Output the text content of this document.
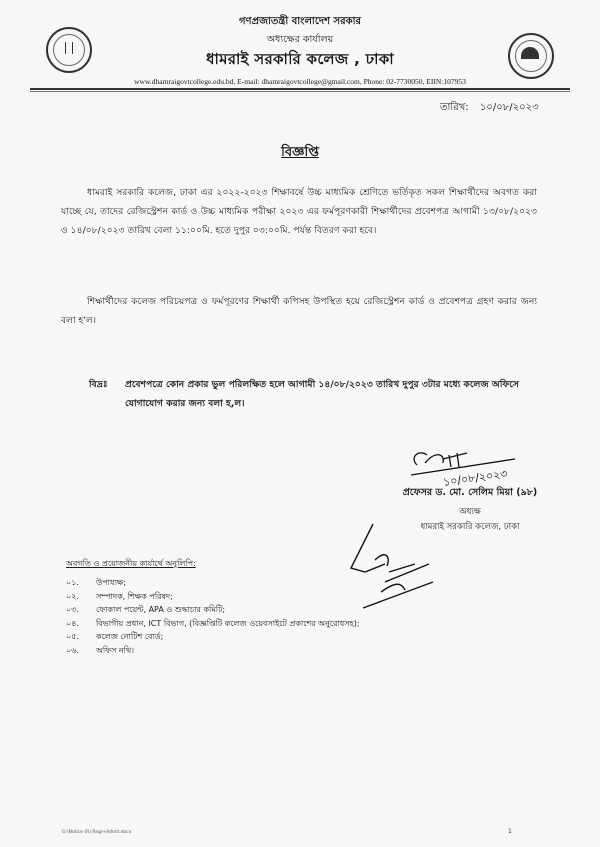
গণপ্রজাতন্ত্রী বাংলাদেশ সরকার
অধ্যক্ষের কার্যালয়
ধামরাই সরকারি কলেজ , ঢাকা
www.dhamraigovtcollege.edu.bd, E-mail: dhamraigovtcollege@gmail.com, Phone: 02-7730050, EIIN:107953
তারিখ: ১০/০৮/২০২৩
বিজ্ঞপ্তি
ধামরাই সরকারি কলেজ, ঢাকা এর ২০২২-২০২৩ শিক্ষাবর্ষে উচ্চ মাধ্যমিক শ্রেণিতে ভর্তিকৃত সকল শিক্ষার্থীদের অবগত করা যাচ্ছে যে, তাদের রেজিস্ট্রেশন কার্ড ও উচ্চ মাধ্যমিক পরীক্ষা ২০২৩ এর ফর্মপূরণকারী শিক্ষার্থীদের প্রবেশপত্র আগামী ১৩/০৮/২০২৩ ও ১৪/০৮/২০২৩ তারিখ বেলা ১১:০০মি. হতে দুপুর ০৩:০০মি. পর্যন্ত বিতরণ করা হবে।
শিক্ষার্থীদের কলেজ পরিচয়পত্র ও ফর্মপূরণের শিক্ষার্থী কপিসহ উপস্থিত হয়ে রেজিস্ট্রেশন কার্ড ও প্রবেশপত্র গ্রহণ করার জন্য বলা হ'ল।
বিদ্রঃ প্রবেশপত্রে কোন প্রকার ভুল পরিলক্ষিত হলে আগামী ১৪/০৮/২০২৩ তারিখ দুপুর ৩টার মধ্যে কলেজ অফিসে যোগাযোগ করার জন্য বলা হ,ল।
১০/০৮/২০২৩
প্রফেসর ড. মো. সেলিম মিয়া (৯৮)
অধ্যক্ষ
ধামরাই সরকারি কলেজ, ঢাকা
অবগতি ও প্রয়োজনীয় কার্যার্থে অনুলিপি:
০১. উপাধ্যক্ষ;
০২. সম্পাদক, শিক্ষক পরিষদ;
০৩. ফোকাল পয়েন্ট, APA ও শুদ্ধাচার কমিটি;
০৪. বিভাগীয় প্রধান, ICT বিভাগ, (বিজ্ঞপ্তিটি কলেজ ওয়েবসাইটে প্রকাশের অনুরোধসহ);
০৫. কলেজ নোটিশ বোর্ড;
০৬. অফিস নথি।
G:\Notice (R) Regi+Admit.docx	1
